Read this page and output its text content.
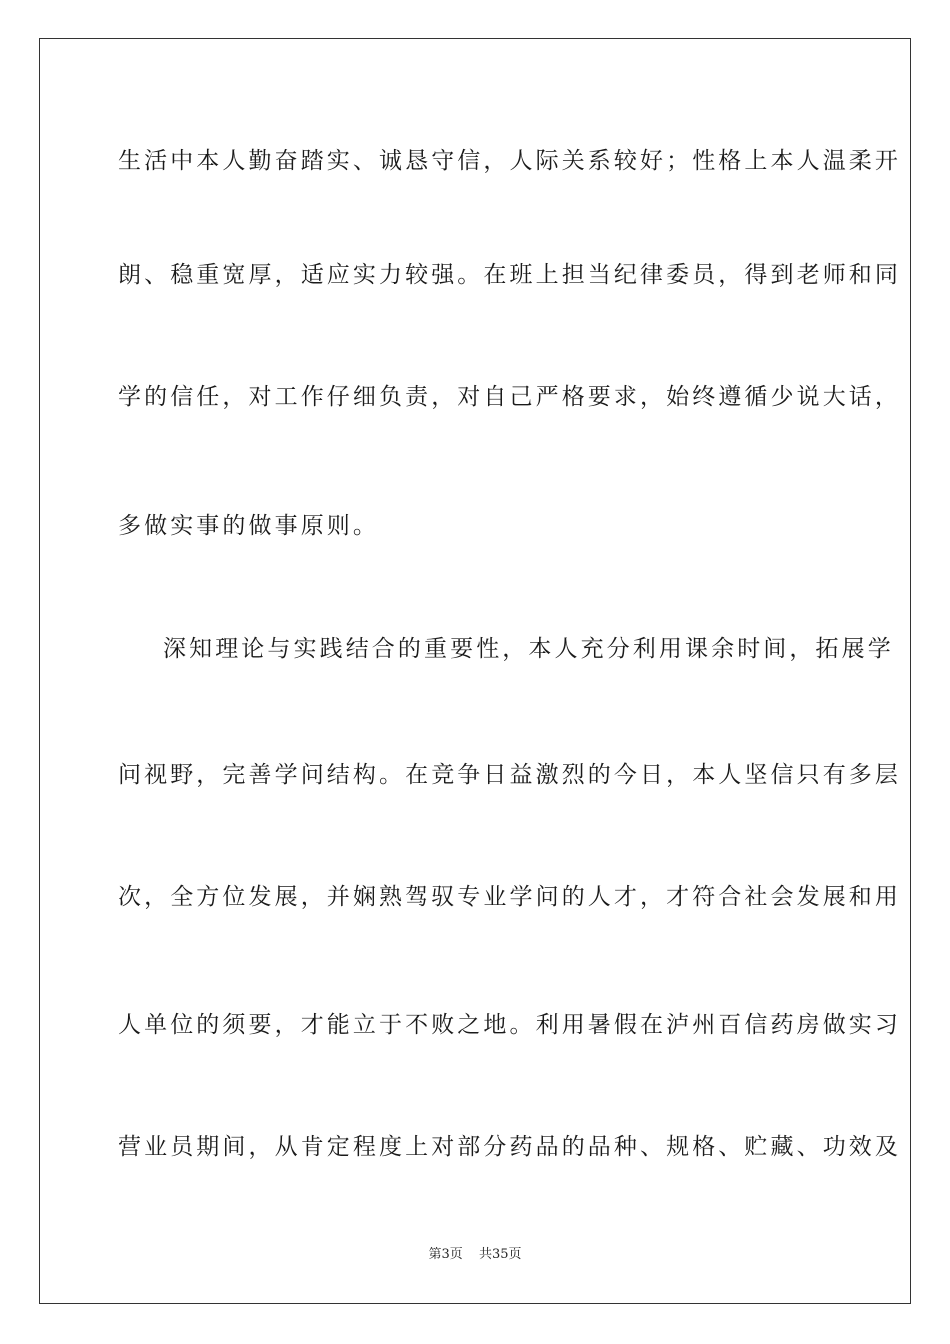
生活中本人勤奋踏实、诚恳守信，人际关系较好；性格上本人温柔开
朗、稳重宽厚，适应实力较强。在班上担当纪律委员，得到老师和同
学的信任，对工作仔细负责，对自己严格要求，始终遵循少说大话，
多做实事的做事原则。
深知理论与实践结合的重要性，本人充分利用课余时间，拓展学
问视野，完善学问结构。在竞争日益激烈的今日，本人坚信只有多层
次，全方位发展，并娴熟驾驭专业学问的人才，才符合社会发展和用
人单位的须要，才能立于不败之地。利用暑假在泸州百信药房做实习
营业员期间，从肯定程度上对部分药品的品种、规格、贮藏、功效及
第3页 共35页
